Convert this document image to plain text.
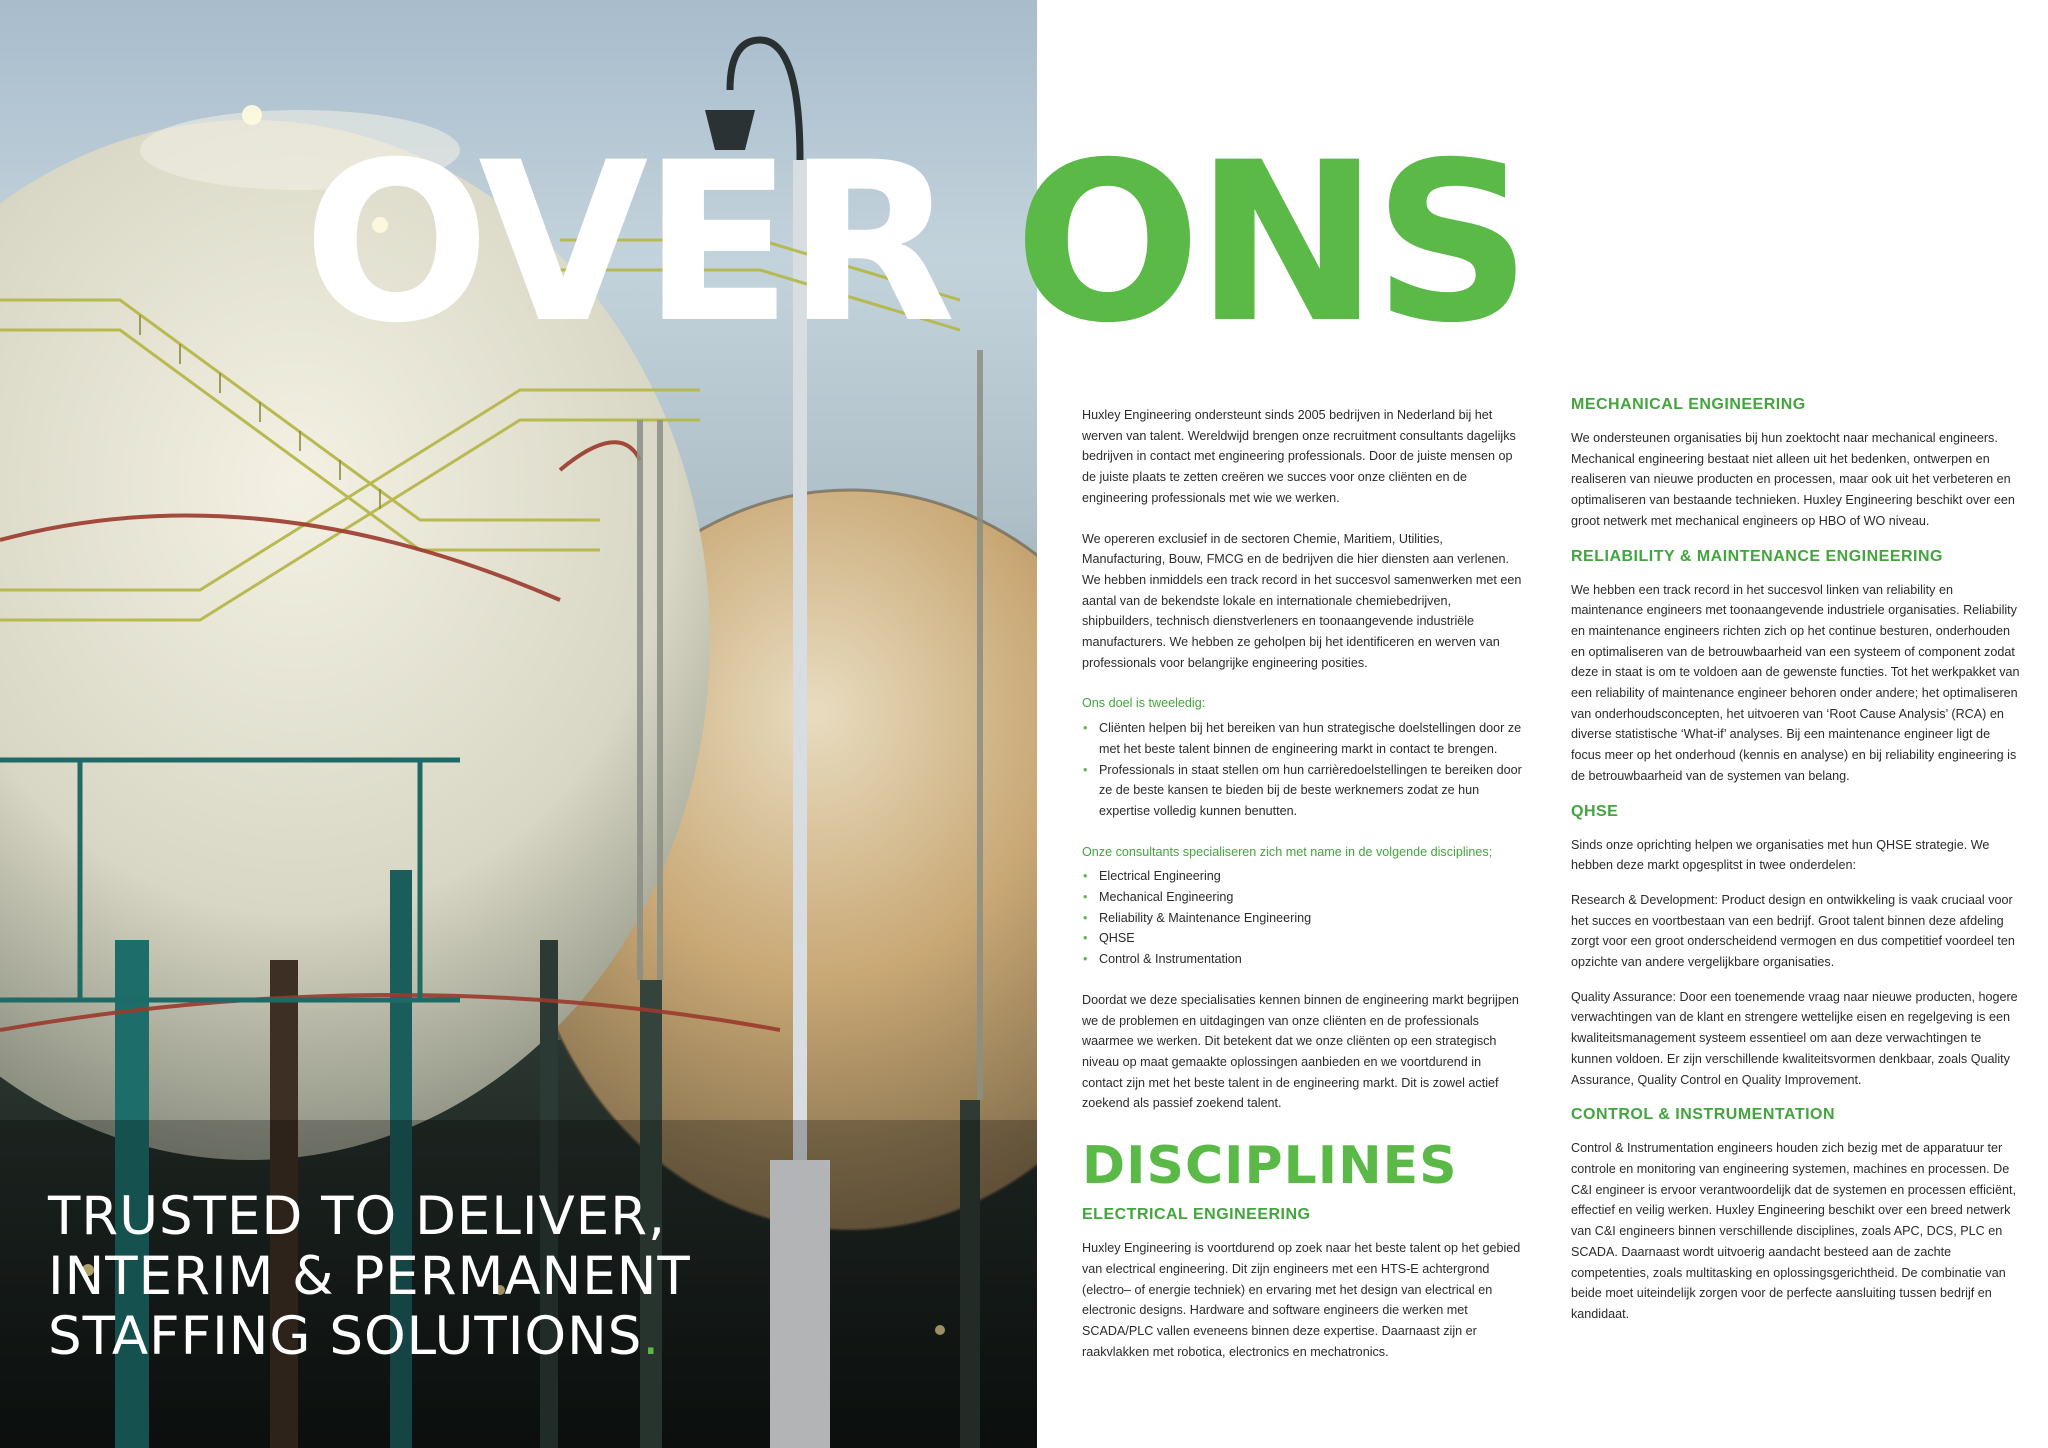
OVER ONS
TRUSTED TO DELIVER,
INTERIM & PERMANENT
STAFFING SOLUTIONS.

Huxley Engineering ondersteunt sinds 2005 bedrijven in Nederland bij het werven van talent. Wereldwijd brengen onze recruitment consultants dagelijks bedrijven in contact met engineering professionals. Door de juiste mensen op de juiste plaats te zetten creëren we succes voor onze cliënten en de engineering professionals met wie we werken.

We opereren exclusief in de sectoren Chemie, Maritiem, Utilities, Manufacturing, Bouw, FMCG en de bedrijven die hier diensten aan verlenen. We hebben inmiddels een track record in het succesvol samenwerken met een aantal van de bekendste lokale en internationale chemiebedrijven, shipbuilders, technisch dienstverleners en toonaangevende industriële manufacturers. We hebben ze geholpen bij het identificeren en werven van professionals voor belangrijke engineering posities.

Ons doel is tweeledig:
• Cliënten helpen bij het bereiken van hun strategische doelstellingen door ze met het beste talent binnen de engineering markt in contact te brengen.
• Professionals in staat stellen om hun carrièredoelstellingen te bereiken door ze de beste kansen te bieden bij de beste werknemers zodat ze hun expertise volledig kunnen benutten.
Onze consultants specialiseren zich met name in de volgende disciplines;
• Electrical Engineering
• Mechanical Engineering
• Reliability & Maintenance Engineering
• QHSE
• Control & Instrumentation

Doordat we deze specialisaties kennen binnen de engineering markt begrijpen we de problemen en uitdagingen van onze cliënten en de professionals waarmee we werken. Dit betekent dat we onze cliënten op een strategisch niveau op maat gemaakte oplossingen aanbieden en we voortdurend in contact zijn met het beste talent in de engineering markt. Dit is zowel actief zoekend als passief zoekend talent.

DISCIPLINES
ELECTRICAL ENGINEERING

Huxley Engineering is voortdurend op zoek naar het beste talent op het gebied van electrical engineering. Dit zijn engineers met een HTS-E achtergrond (electro– of energie techniek) en ervaring met het design van electrical en electronic designs. Hardware and software engineers die werken met SCADA/PLC vallen eveneens binnen deze expertise. Daarnaast zijn er raakvlakken met robotica, electronics en mechatronics.

MECHANICAL ENGINEERING

We ondersteunen organisaties bij hun zoektocht naar mechanical engineers. Mechanical engineering bestaat niet alleen uit het bedenken, ontwerpen en realiseren van nieuwe producten en processen, maar ook uit het verbeteren en optimaliseren van bestaande technieken. Huxley Engineering beschikt over een groot netwerk met mechanical engineers op HBO of WO niveau.

RELIABILITY & MAINTENANCE ENGINEERING

We hebben een track record in het succesvol linken van reliability en maintenance engineers met toonaangevende industriele organisaties. Reliability en maintenance engineers richten zich op het continue besturen, onderhouden en optimaliseren van de betrouwbaarheid van een systeem of component zodat deze in staat is om te voldoen aan de gewenste functies. Tot het werkpakket van een reliability of maintenance engineer behoren onder andere; het optimaliseren van onderhoudsconcepten, het uitvoeren van ‘Root Cause Analysis’ (RCA) en diverse statistische ‘What-if’ analyses. Bij een maintenance engineer ligt de focus meer op het onderhoud (kennis en analyse) en bij reliability engineering is de betrouwbaarheid van de systemen van belang.

QHSE

Sinds onze oprichting helpen we organisaties met hun QHSE strategie. We hebben deze markt opgesplitst in twee onderdelen:

Research & Development: Product design en ontwikkeling is vaak cruciaal voor het succes en voortbestaan van een bedrijf. Groot talent binnen deze afdeling zorgt voor een groot onderscheidend vermogen en dus competitief voordeel ten opzichte van andere vergelijkbare organisaties.

Quality Assurance: Door een toenemende vraag naar nieuwe producten, hogere verwachtingen van de klant en strengere wettelijke eisen en regelgeving is een kwaliteitsmanagement systeem essentieel om aan deze verwachtingen te kunnen voldoen. Er zijn verschillende kwaliteitsvormen denkbaar, zoals Quality Assurance, Quality Control en Quality Improvement.

CONTROL & INSTRUMENTATION

Control & Instrumentation engineers houden zich bezig met de apparatuur ter controle en monitoring van engineering systemen, machines en processen. De C&I engineer is ervoor verantwoordelijk dat de systemen en processen efficiënt, effectief en veilig werken. Huxley Engineering beschikt over een breed netwerk van C&I engineers binnen verschillende disciplines, zoals APC, DCS, PLC en SCADA. Daarnaast wordt uitvoerig aandacht besteed aan de zachte competenties, zoals multitasking en oplossingsgerichtheid. De combinatie van beide moet uiteindelijk zorgen voor de perfecte aansluiting tussen bedrijf en kandidaat.
